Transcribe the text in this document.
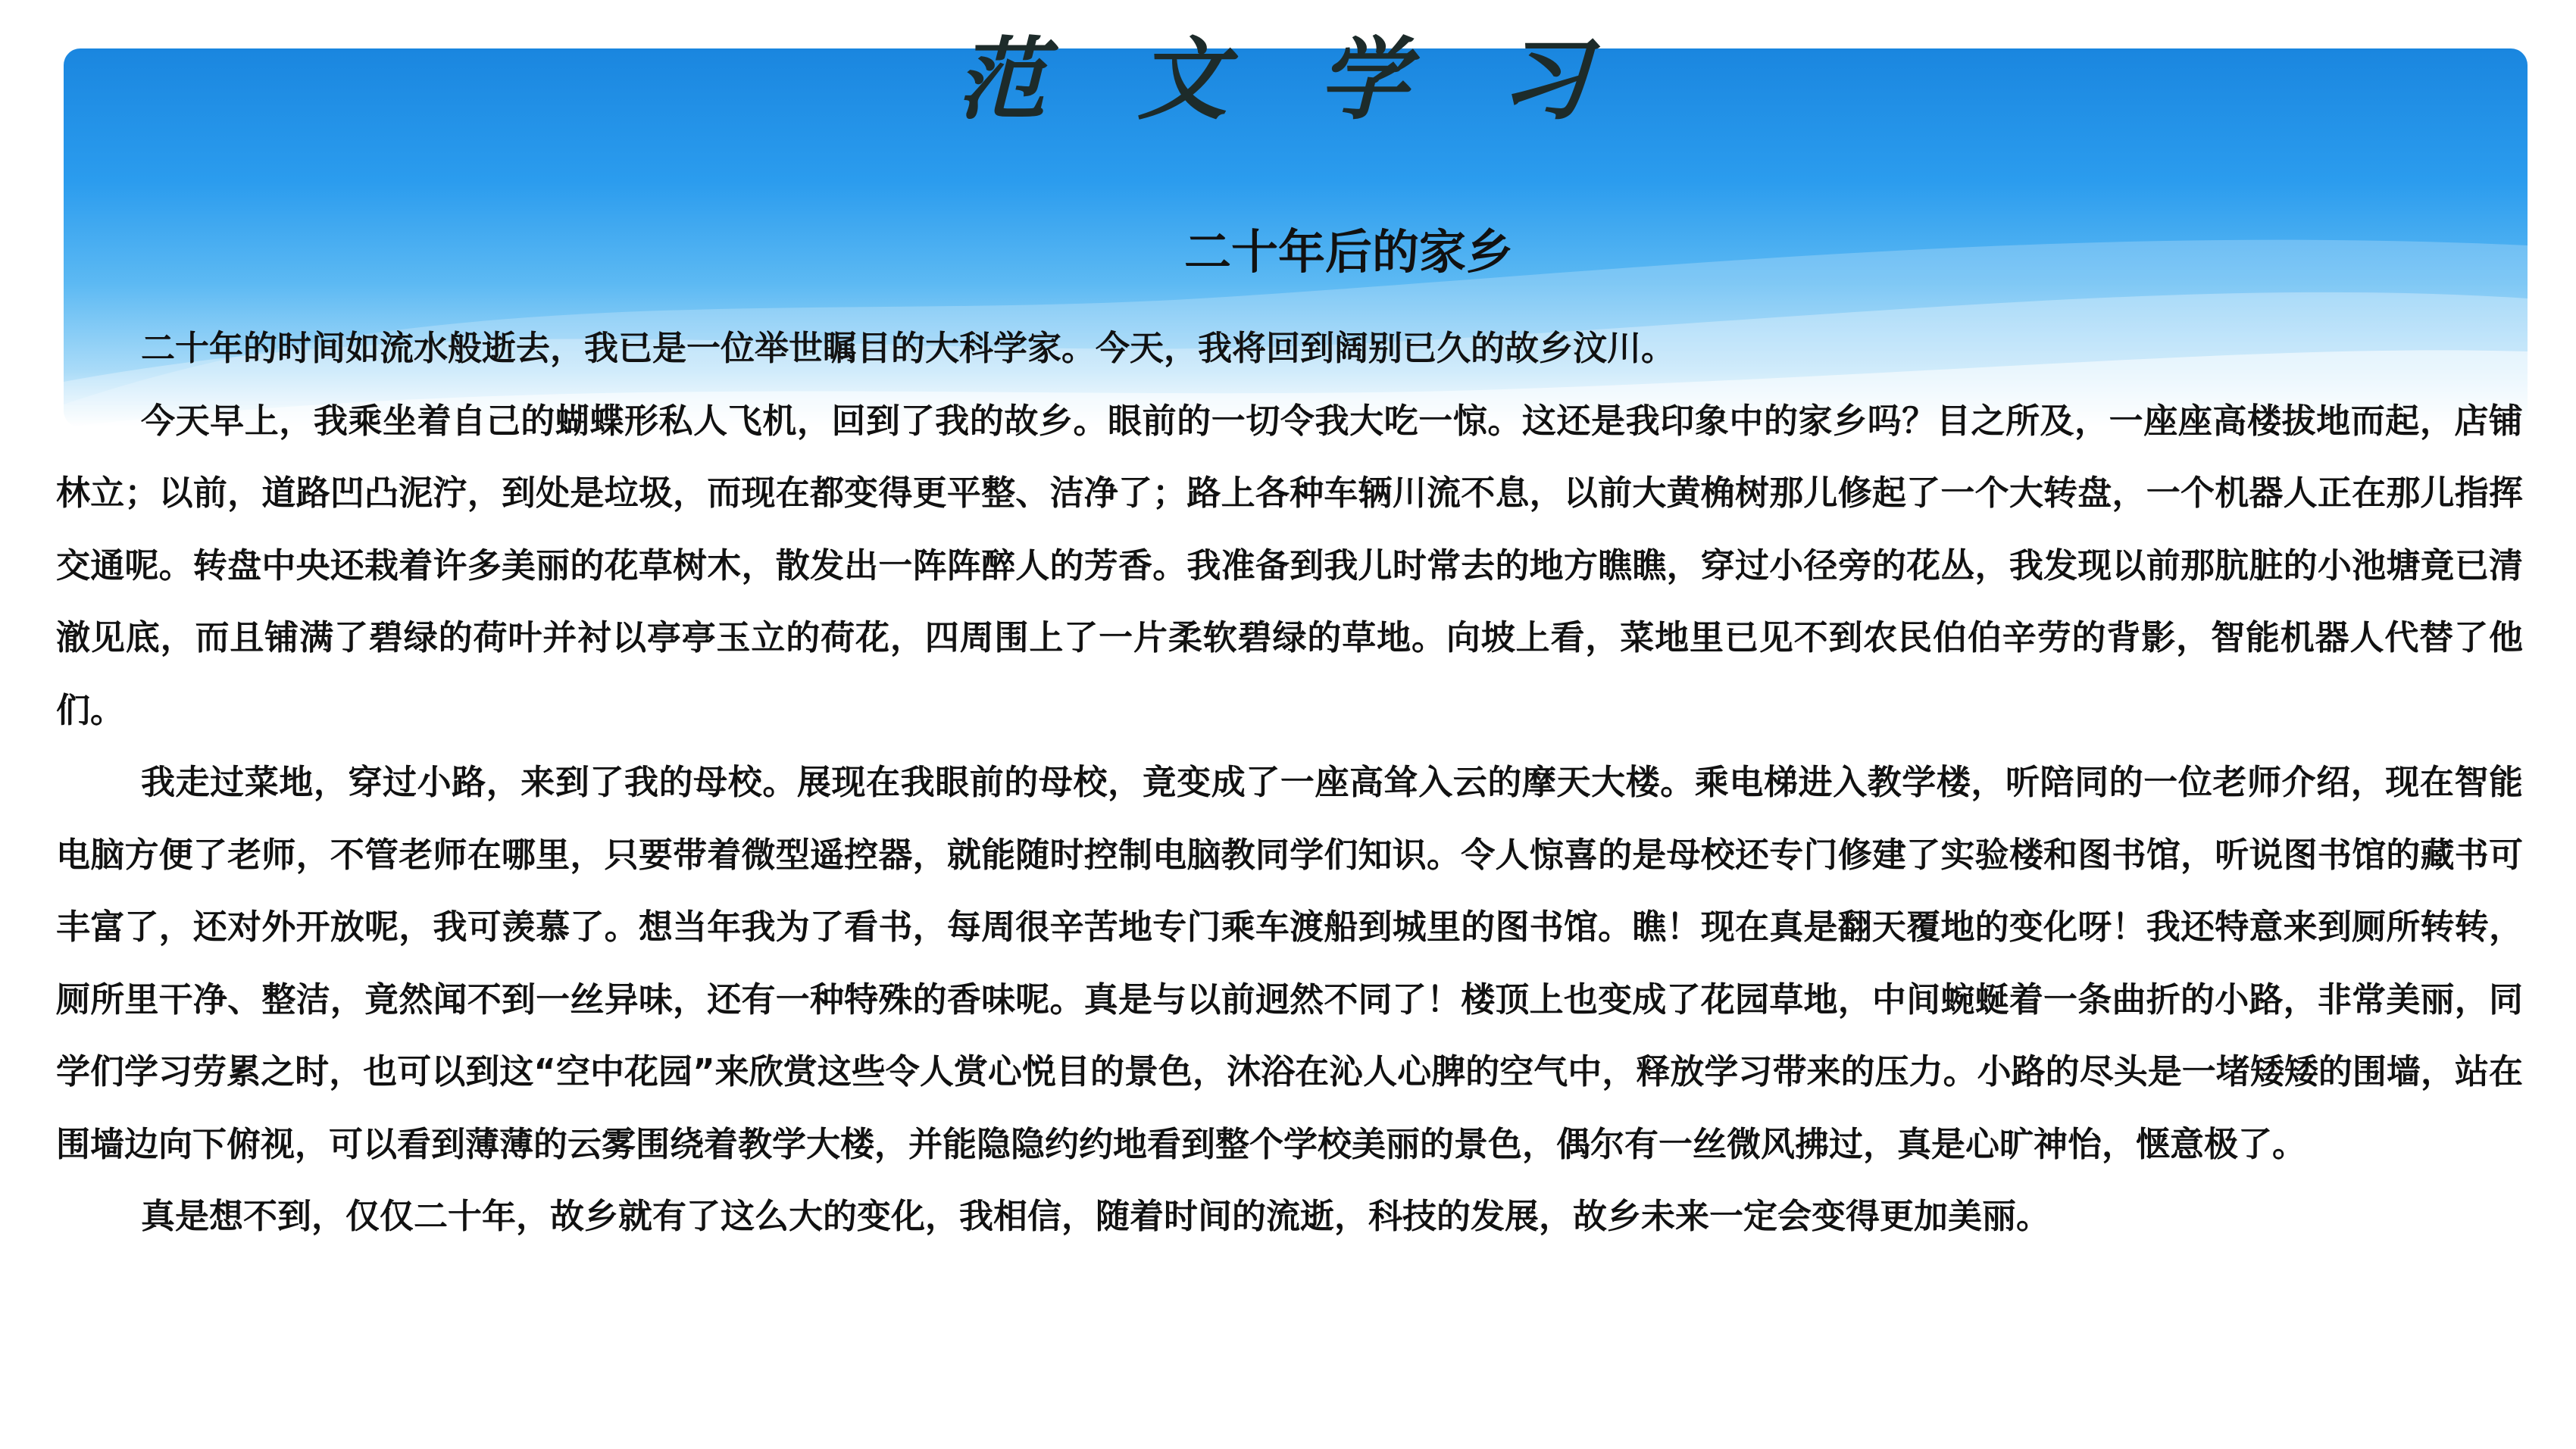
范 文 学 习
二十年后的家乡

二十年的时间如流水般逝去，我已是一位举世瞩目的大科学家。今天，我将回到阔别已久的故乡汶川。

今天早上，我乘坐着自己的蝴蝶形私人飞机，回到了我的故乡。眼前的一切令我大吃一惊。这还是我印象中的家乡吗？目之所及，一座座高楼拔地而起，店铺林立；以前，道路凹凸泥泞，到处是垃圾，而现在都变得更平整、洁净了；路上各种车辆川流不息，以前大黄桷树那儿修起了一个大转盘，一个机器人正在那儿指挥交通呢。转盘中央还栽着许多美丽的花草树木，散发出一阵阵醉人的芳香。我准备到我儿时常去的地方瞧瞧，穿过小径旁的花丛，我发现以前那肮脏的小池塘竟已清澈见底，而且铺满了碧绿的荷叶并衬以亭亭玉立的荷花，四周围上了一片柔软碧绿的草地。向坡上看，菜地里已见不到农民伯伯辛劳的背影，智能机器人代替了他们。

我走过菜地，穿过小路，来到了我的母校。展现在我眼前的母校，竟变成了一座高耸入云的摩天大楼。乘电梯进入教学楼，听陪同的一位老师介绍，现在智能电脑方便了老师，不管老师在哪里，只要带着微型遥控器，就能随时控制电脑教同学们知识。令人惊喜的是母校还专门修建了实验楼和图书馆，听说图书馆的藏书可丰富了，还对外开放呢，我可羡慕了。想当年我为了看书，每周很辛苦地专门乘车渡船到城里的图书馆。瞧！现在真是翻天覆地的变化呀！我还特意来到厕所转转，厕所里干净、整洁，竟然闻不到一丝异味，还有一种特殊的香味呢。真是与以前迥然不同了！楼顶上也变成了花园草地，中间蜿蜒着一条曲折的小路，非常美丽，同学们学习劳累之时，也可以到这“空中花园”来欣赏这些令人赏心悦目的景色，沐浴在沁人心脾的空气中，释放学习带来的压力。小路的尽头是一堵矮矮的围墙，站在围墙边向下俯视，可以看到薄薄的云雾围绕着教学大楼，并能隐隐约约地看到整个学校美丽的景色，偶尔有一丝微风拂过，真是心旷神怡，惬意极了。

真是想不到，仅仅二十年，故乡就有了这么大的变化，我相信，随着时间的流逝，科技的发展，故乡未来一定会变得更加美丽。
